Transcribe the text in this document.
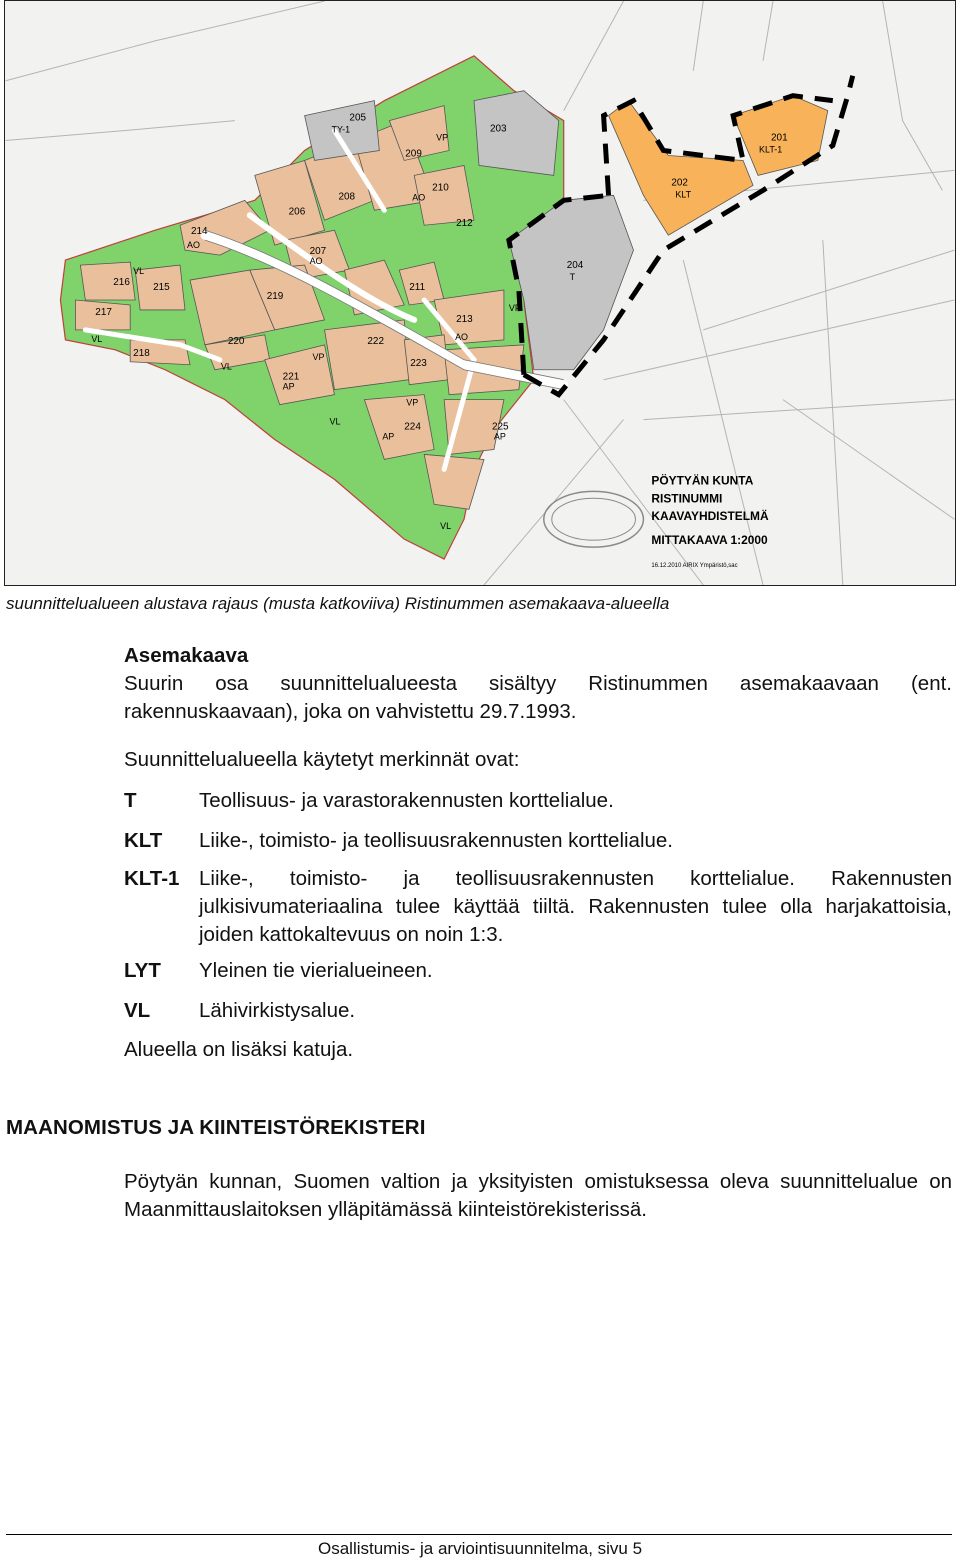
201
KLT-1
202
KLT
203
204
T
205
TY-1
206
207
208
209
210
211
212
213
214
215
216
217
218
219
220
221
222
223
224	225
VP
VP
VP
VP
VL
VL
VL
VL
VL
AO
AO
AO
AO
AP
AP	AP
PÖYTYÄN KUNTA
RISTINUMMI
KAAVAYHDISTELMÄ
MITTAKAAVA 1:2000
16.12.2010 AIRIX Ympäristö,sac
suunnittelualueen alustava rajaus (musta katkoviiva) Ristinummen asemakaava-alueella
Asemakaava
Suurin osa suunnittelualueesta sisältyy Ristinummen asemakaavaan (ent. rakennuskaavaan), joka on vahvistettu 29.7.1993.
Suunnittelualueella käytetyt merkinnät ovat:
T	Teollisuus- ja varastorakennusten korttelialue.
KLT	Liike-, toimisto- ja teollisuusrakennusten korttelialue.
KLT-1 Liike-, toimisto- ja teollisuusrakennusten korttelialue. Rakennusten julkisivumateriaalina tulee käyttää tiiltä. Rakennusten tulee olla harjakattoisia, joiden kattokaltevuus on noin 1:3.
LYT	Yleinen tie vierialueineen.
VL	Lähivirkistysalue.
Alueella on lisäksi katuja.
MAANOMISTUS JA KIINTEISTÖREKISTERI
Pöytyän kunnan, Suomen valtion ja yksityisten omistuksessa oleva suunnittelualue on Maanmittauslaitoksen ylläpitämässä kiinteistörekisterissä.
Osallistumis- ja arviointisuunnitelma, sivu 5
